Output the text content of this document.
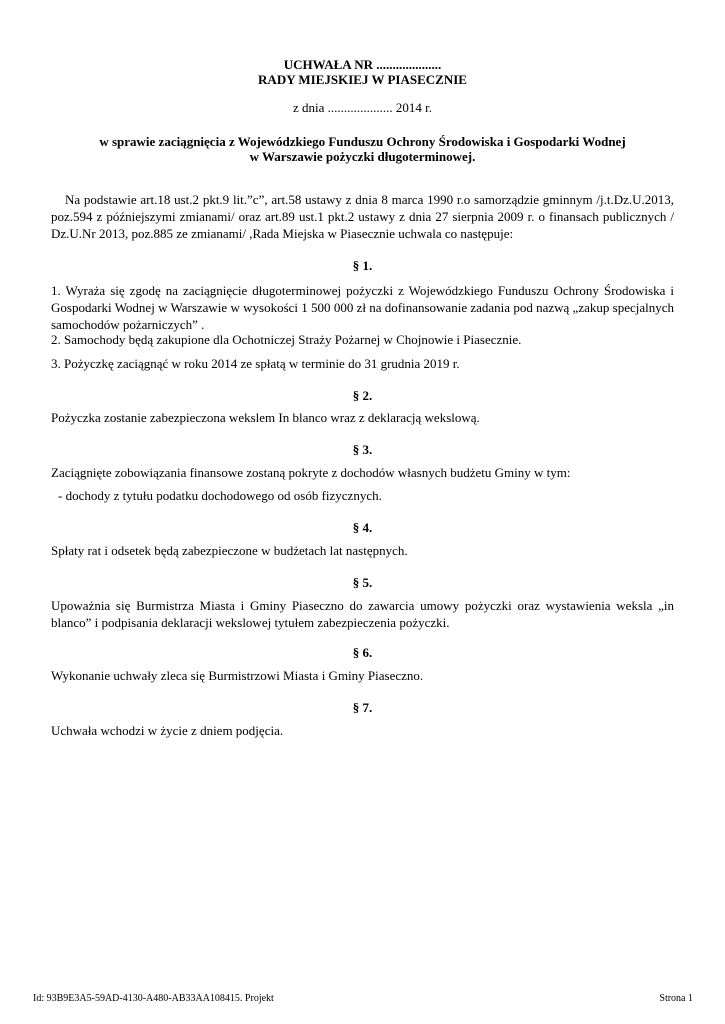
UCHWAŁA NR ....................
RADY MIEJSKIEJ W PIASECZNIE
z dnia .................... 2014 r.
w sprawie zaciągnięcia z Wojewódzkiego Funduszu Ochrony Środowiska i Gospodarki Wodnej
w Warszawie pożyczki długoterminowej.
Na podstawie art.18 ust.2 pkt.9 lit.”c”, art.58 ustawy z dnia 8 marca 1990 r.o samorządzie gminnym /j.t.Dz.U.2013, poz.594 z późniejszymi zmianami/ oraz art.89 ust.1 pkt.2 ustawy z dnia 27 sierpnia 2009 r. o finansach publicznych / Dz.U.Nr 2013, poz.885 ze zmianami/ ,Rada Miejska w Piasecznie uchwala co następuje:
§ 1.
1. Wyraża się zgodę na zaciągnięcie długoterminowej pożyczki z Wojewódzkiego Funduszu Ochrony Środowiska i Gospodarki Wodnej w Warszawie w wysokości 1 500 000 zł na dofinansowanie zadania pod nazwą „zakup specjalnych samochodów pożarniczych” .
2. Samochody będą zakupione dla Ochotniczej Straży Pożarnej w Chojnowie i Piasecznie.
3. Pożyczkę zaciągnąć w roku 2014 ze spłatą w terminie do 31 grudnia 2019 r.
§ 2.
Pożyczka zostanie zabezpieczona wekslem In blanco wraz z deklaracją wekslową.
§ 3.
Zaciągnięte zobowiązania finansowe zostaną pokryte z dochodów własnych budżetu Gminy w tym:
- dochody z tytułu podatku dochodowego od osób fizycznych.
§ 4.
Spłaty rat i odsetek będą zabezpieczone w budżetach lat następnych.
§ 5.
Upoważnia się Burmistrza Miasta i Gminy Piaseczno do zawarcia umowy pożyczki oraz wystawienia weksla „in blanco” i podpisania deklaracji wekslowej tytułem zabezpieczenia pożyczki.
§ 6.
Wykonanie uchwały zleca się Burmistrzowi Miasta i Gminy Piaseczno.
§ 7.
Uchwała wchodzi w życie z dniem podjęcia.
Id: 93B9E3A5-59AD-4130-A480-AB33AA108415. Projekt	Strona 1
